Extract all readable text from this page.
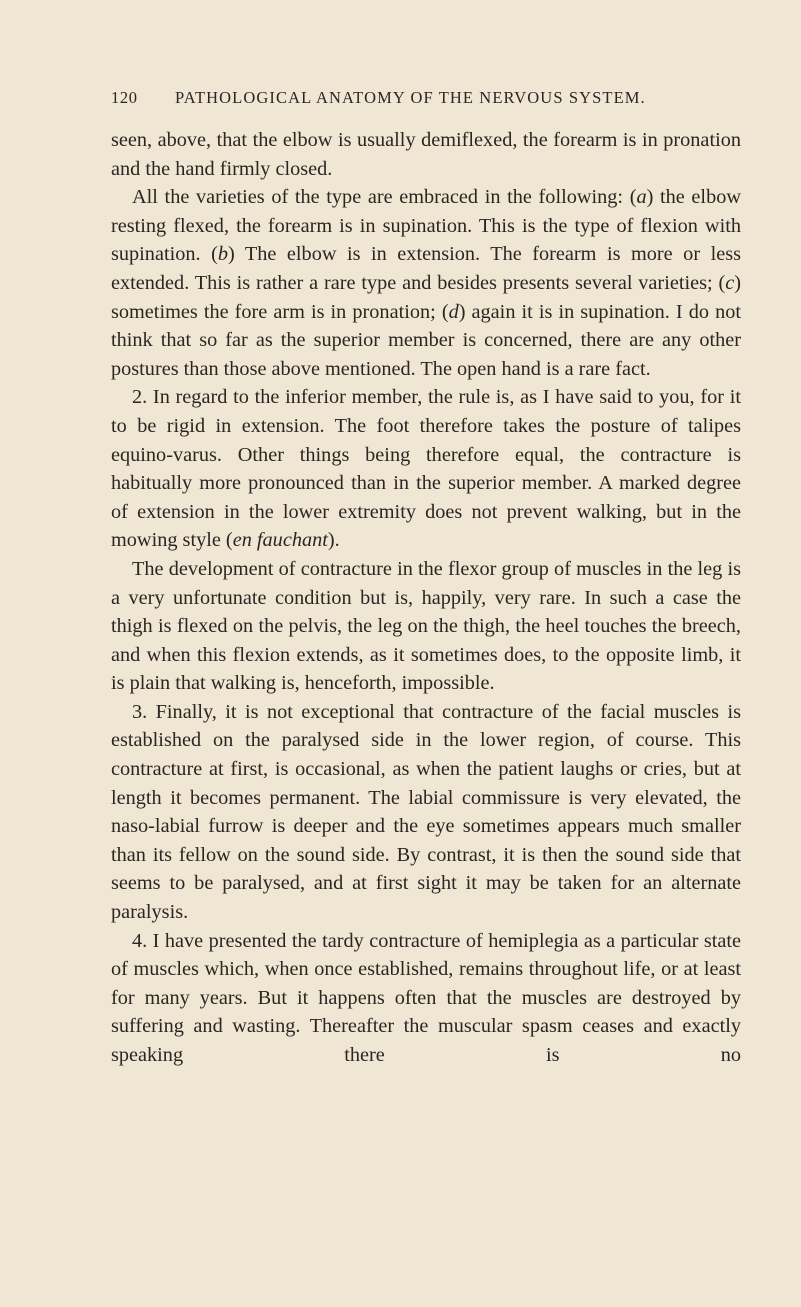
120	PATHOLOGICAL ANATOMY OF THE NERVOUS SYSTEM.

seen, above, that the elbow is usually demiflexed, the forearm is in pronation and the hand firmly closed.

All the varieties of the type are embraced in the following: (a) the elbow resting flexed, the forearm is in supination. This is the type of flexion with supination. (b) The elbow is in extension. The forearm is more or less extended. This is rather a rare type and besides presents several varieties; (c) sometimes the fore arm is in pronation; (d) again it is in supination. I do not think that so far as the superior member is concerned, there are any other postures than those above mentioned. The open hand is a rare fact.

2. In regard to the inferior member, the rule is, as I have said to you, for it to be rigid in extension. The foot therefore takes the posture of talipes equino-varus. Other things being therefore equal, the contracture is habitually more pronounced than in the superior member. A marked degree of extension in the lower extremity does not prevent walking, but in the mowing style (en fauchant).

The development of contracture in the flexor group of muscles in the leg is a very unfortunate condition but is, happily, very rare. In such a case the thigh is flexed on the pelvis, the leg on the thigh, the heel touches the breech, and when this flexion extends, as it sometimes does, to the opposite limb, it is plain that walking is, henceforth, impossible.

3. Finally, it is not exceptional that contracture of the facial muscles is established on the paralysed side in the lower region, of course. This contracture at first, is occasional, as when the patient laughs or cries, but at length it becomes permanent. The labial commissure is very elevated, the naso-labial furrow is deeper and the eye sometimes appears much smaller than its fellow on the sound side. By contrast, it is then the sound side that seems to be paralysed, and at first sight it may be taken for an alternate paralysis.

4. I have presented the tardy contracture of hemiplegia as a particular state of muscles which, when once established, remains throughout life, or at least for many years. But it happens often that the muscles are destroyed by suffering and wasting. Thereafter the muscular spasm ceases and exactly speaking there is no
